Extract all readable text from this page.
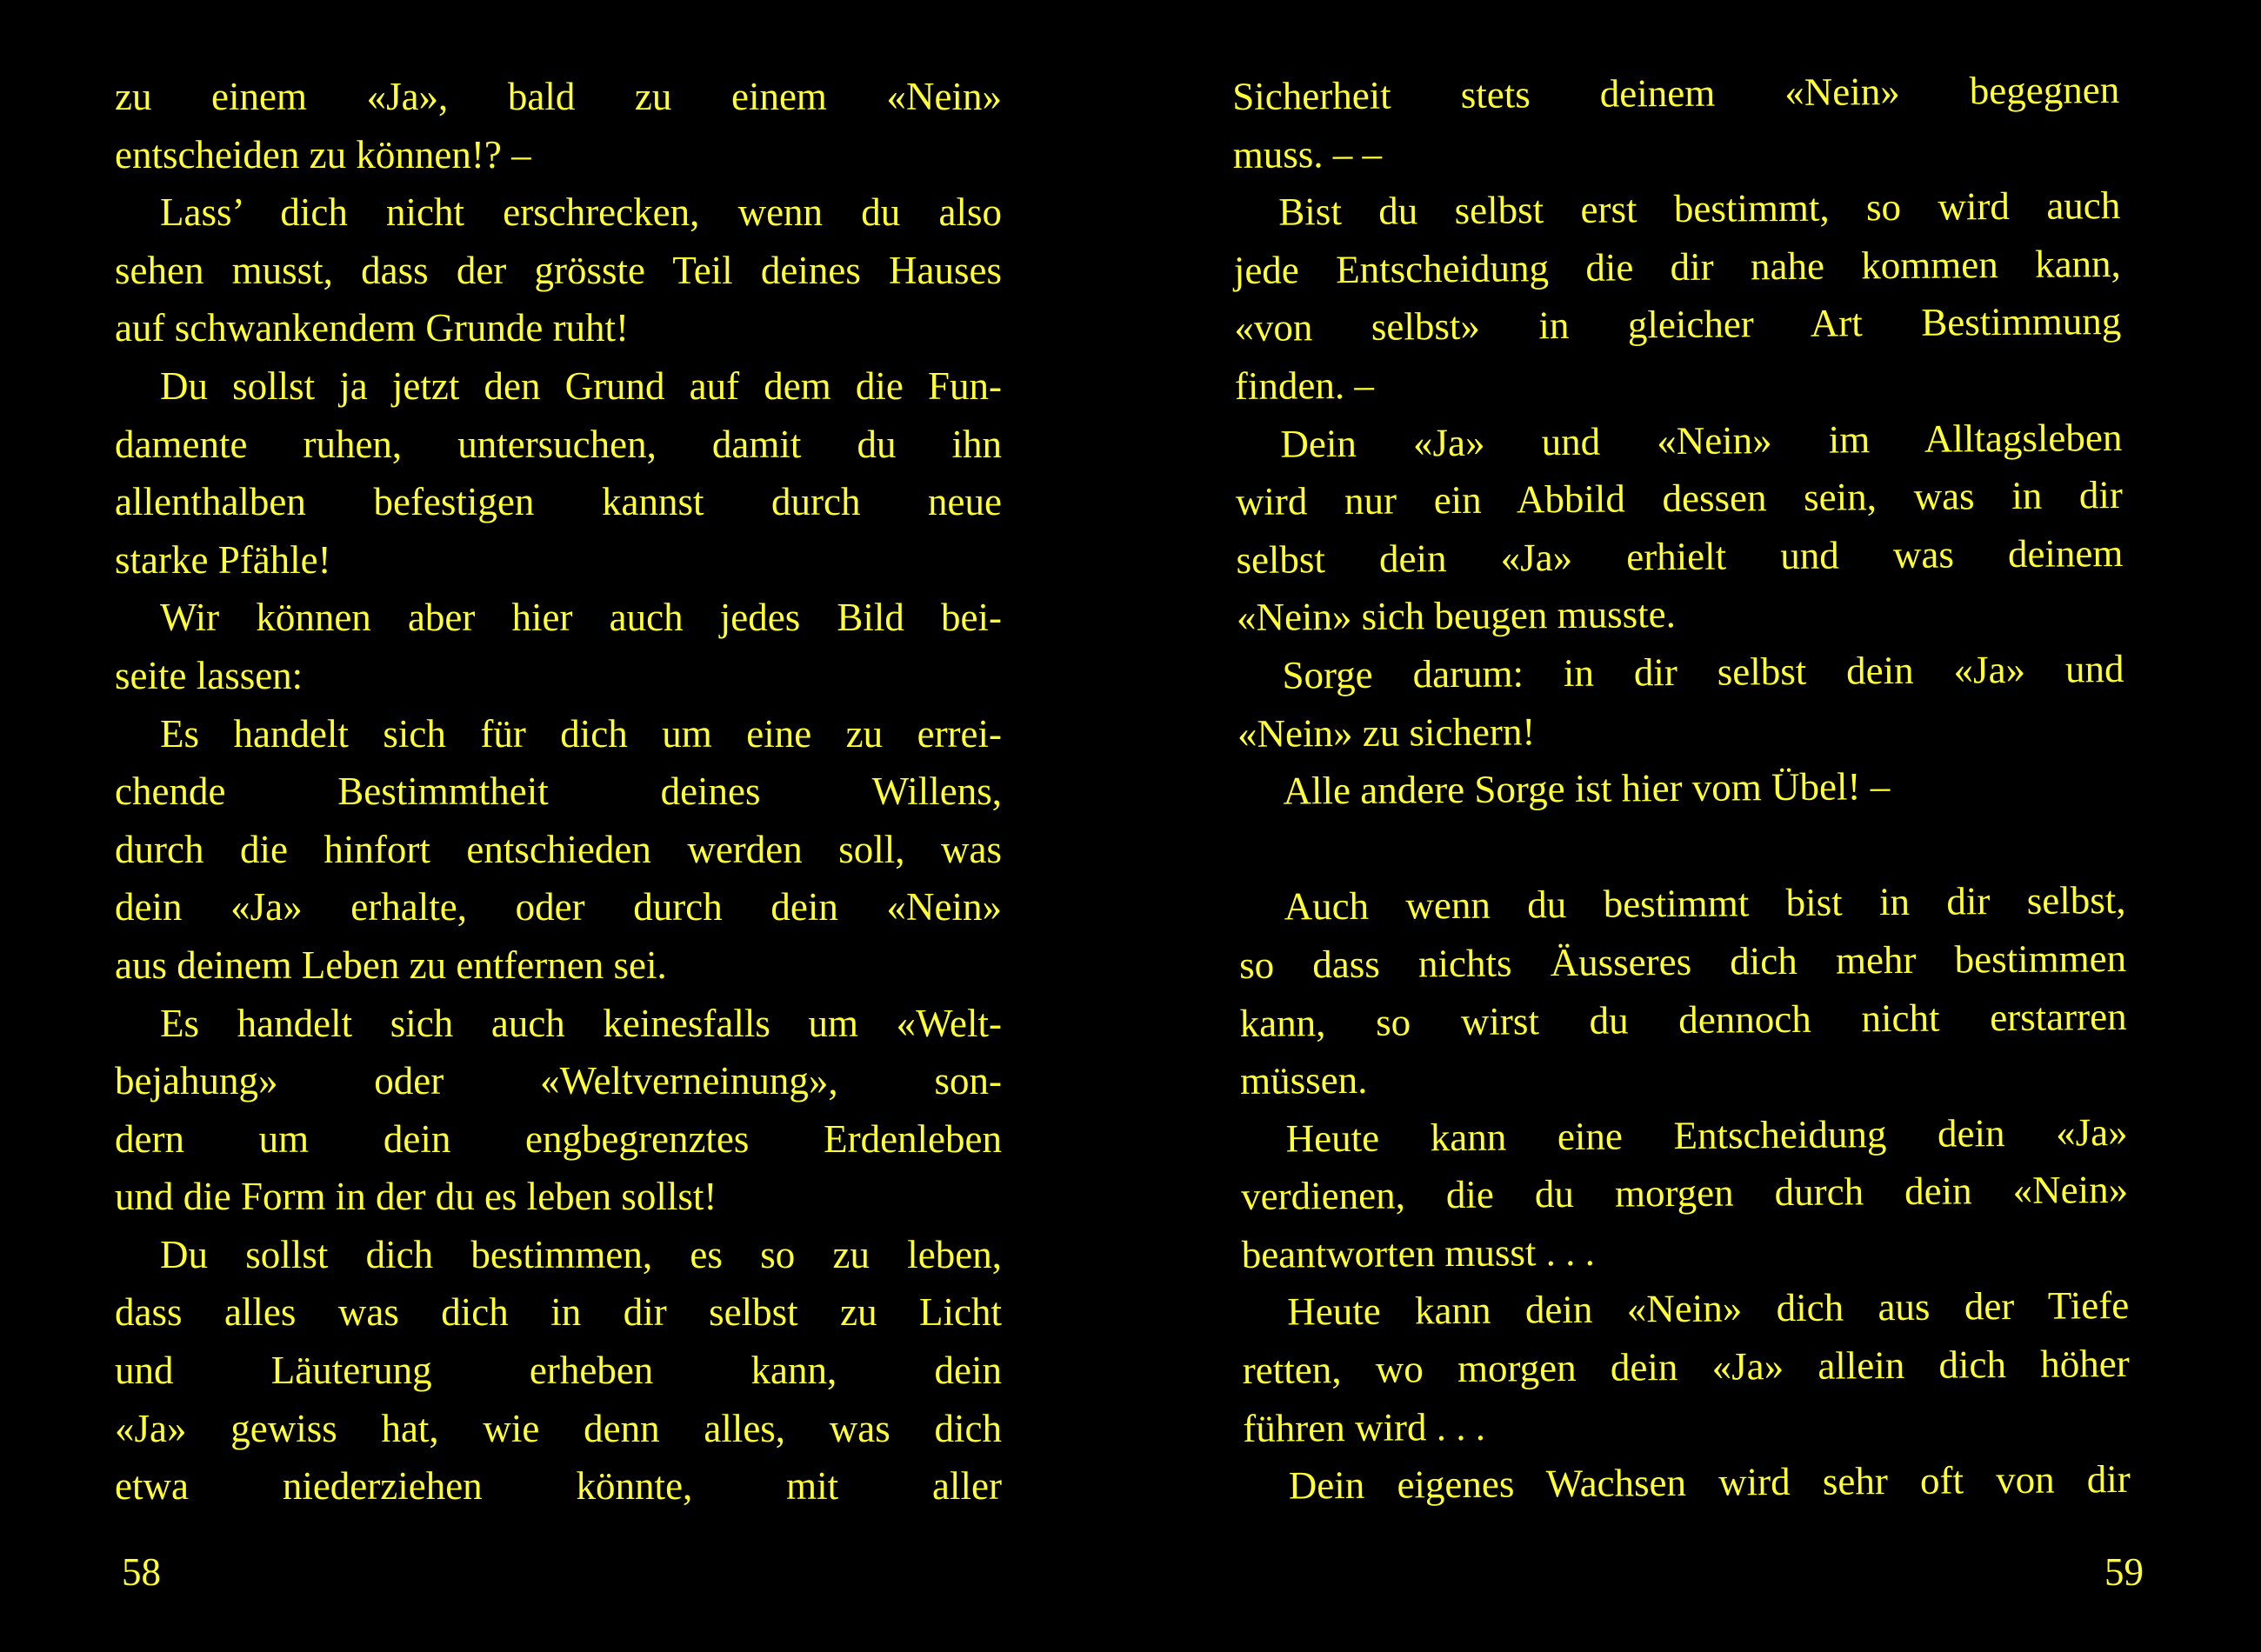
zu einem «Ja», bald zu einem «Nein»
entscheiden zu können!? –
Lass’ dich nicht erschrecken, wenn du also
sehen musst, dass der grösste Teil deines Hauses
auf schwankendem Grunde ruht!
Du sollst ja jetzt den Grund auf dem die Fun-
damente ruhen, untersuchen, damit du ihn
allenthalben befestigen kannst durch neue
starke Pfähle!
Wir können aber hier auch jedes Bild bei-
seite lassen:
Es handelt sich für dich um eine zu errei-
chende Bestimmtheit deines Willens,
durch die hinfort entschieden werden soll, was
dein «Ja» erhalte, oder durch dein «Nein»
aus deinem Leben zu entfernen sei.
Es handelt sich auch keinesfalls um «Welt-
bejahung» oder «Weltverneinung», son-
dern um dein engbegrenztes Erdenleben
und die Form in der du es leben sollst!
Du sollst dich bestimmen, es so zu leben,
dass alles was dich in dir selbst zu Licht
und Läuterung erheben kann, dein
«Ja» gewiss hat, wie denn alles, was dich
etwa niederziehen könnte, mit aller
Sicherheit stets deinem «Nein» begegnen
muss. – –
Bist du selbst erst bestimmt, so wird auch
jede Entscheidung die dir nahe kommen kann,
«von selbst» in gleicher Art Bestimmung
finden. –
Dein «Ja» und «Nein» im Alltagsleben
wird nur ein Abbild dessen sein, was in dir
selbst dein «Ja» erhielt und was deinem
«Nein» sich beugen musste.
Sorge darum: in dir selbst dein «Ja» und
«Nein» zu sichern!
Alle andere Sorge ist hier vom Übel! –
Auch wenn du bestimmt bist in dir selbst,
so dass nichts Äusseres dich mehr bestimmen
kann, so wirst du dennoch nicht erstarren
müssen.
Heute kann eine Entscheidung dein «Ja»
verdienen, die du morgen durch dein «Nein»
beantworten musst . . .
Heute kann dein «Nein» dich aus der Tiefe
retten, wo morgen dein «Ja» allein dich höher
führen wird . . .
Dein eigenes Wachsen wird sehr oft von dir
58	59
